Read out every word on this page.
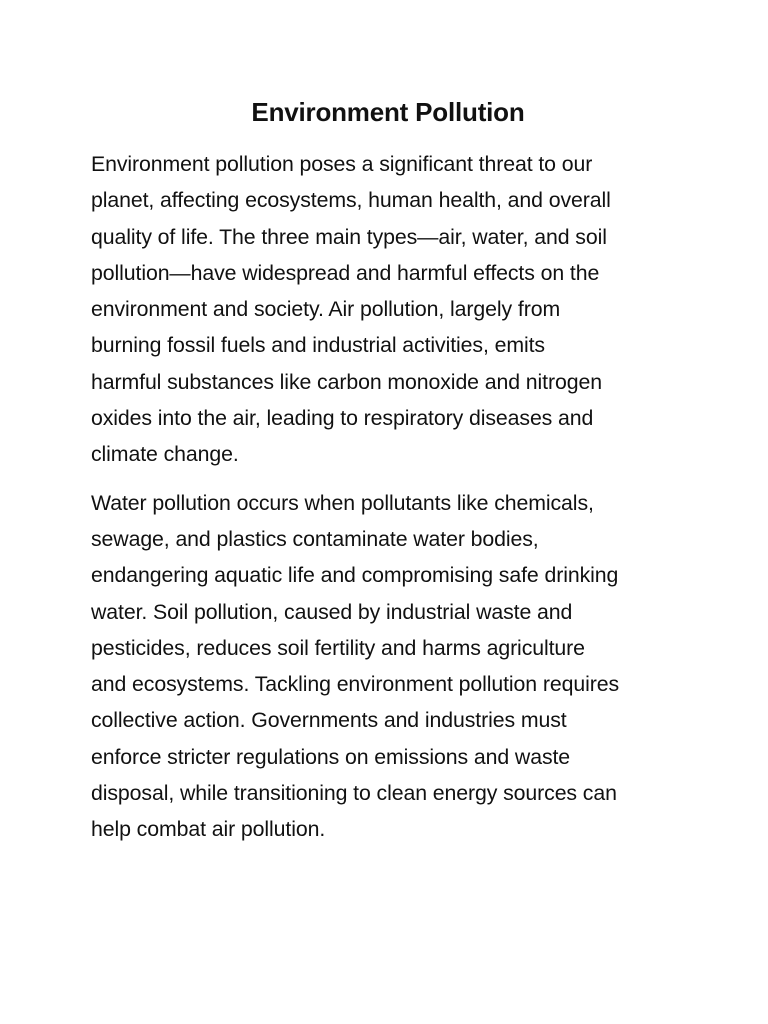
Environment Pollution

Environment pollution poses a significant threat to our
planet, affecting ecosystems, human health, and overall
quality of life. The three main types—air, water, and soil
pollution—have widespread and harmful effects on the
environment and society. Air pollution, largely from
burning fossil fuels and industrial activities, emits
harmful substances like carbon monoxide and nitrogen
oxides into the air, leading to respiratory diseases and
climate change.

Water pollution occurs when pollutants like chemicals,
sewage, and plastics contaminate water bodies,
endangering aquatic life and compromising safe drinking
water. Soil pollution, caused by industrial waste and
pesticides, reduces soil fertility and harms agriculture
and ecosystems. Tackling environment pollution requires
collective action. Governments and industries must
enforce stricter regulations on emissions and waste
disposal, while transitioning to clean energy sources can
help combat air pollution.
